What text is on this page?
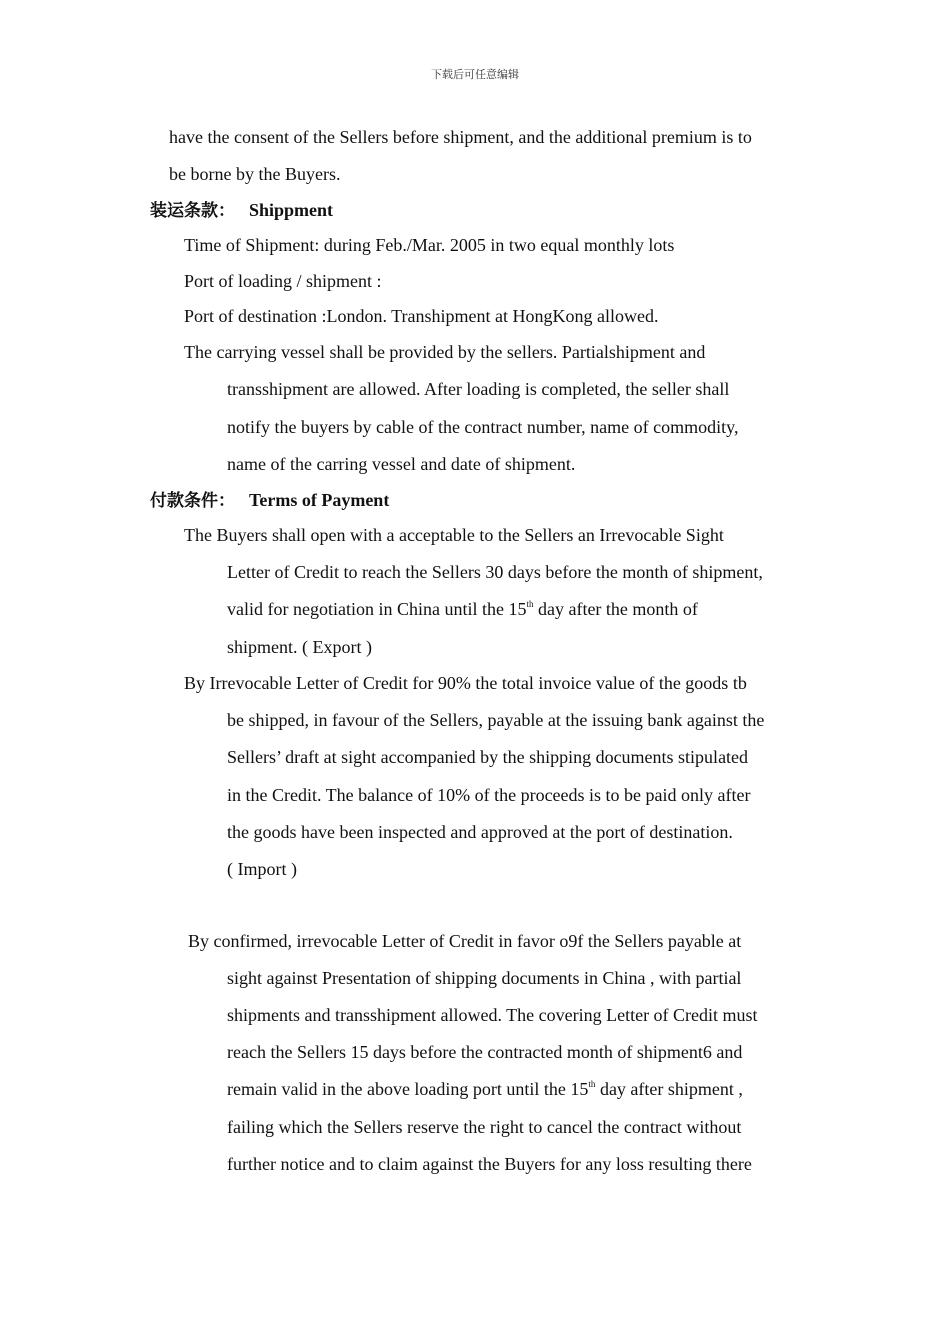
下载后可任意编辑
have the consent of the Sellers before shipment, and the additional premium is to
be borne by the Buyers.
装运条款： Shippment
Time of Shipment: during Feb./Mar. 2005 in two equal monthly lots
Port of loading / shipment :
Port of destination :London. Transhipment at HongKong allowed.
The carrying vessel shall be provided by the sellers. Partialshipment and
transshipment are allowed. After loading is completed, the seller shall
notify the buyers by cable of the contract number, name of commodity,
name of the carring vessel and date of shipment.
付款条件： Terms of Payment
The Buyers shall open with a acceptable to the Sellers an Irrevocable Sight
Letter of Credit to reach the Sellers 30 days before the month of shipment,
valid for negotiation in China until the 15th day after the month of
shipment. ( Export )
By Irrevocable Letter of Credit for 90% the total invoice value of the goods tb
be shipped, in favour of the Sellers, payable at the issuing bank against the
Sellers’ draft at sight accompanied by the shipping documents stipulated
in the Credit. The balance of 10% of the proceeds is to be paid only after
the goods have been inspected and approved at the port of destination.
( Import )
By confirmed, irrevocable Letter of Credit in favor o9f the Sellers payable at
sight against Presentation of shipping documents in China , with partial
shipments and transshipment allowed. The covering Letter of Credit must
reach the Sellers 15 days before the contracted month of shipment6 and
remain valid in the above loading port until the 15th day after shipment ,
failing which the Sellers reserve the right to cancel the contract without
further notice and to claim against the Buyers for any loss resulting there
